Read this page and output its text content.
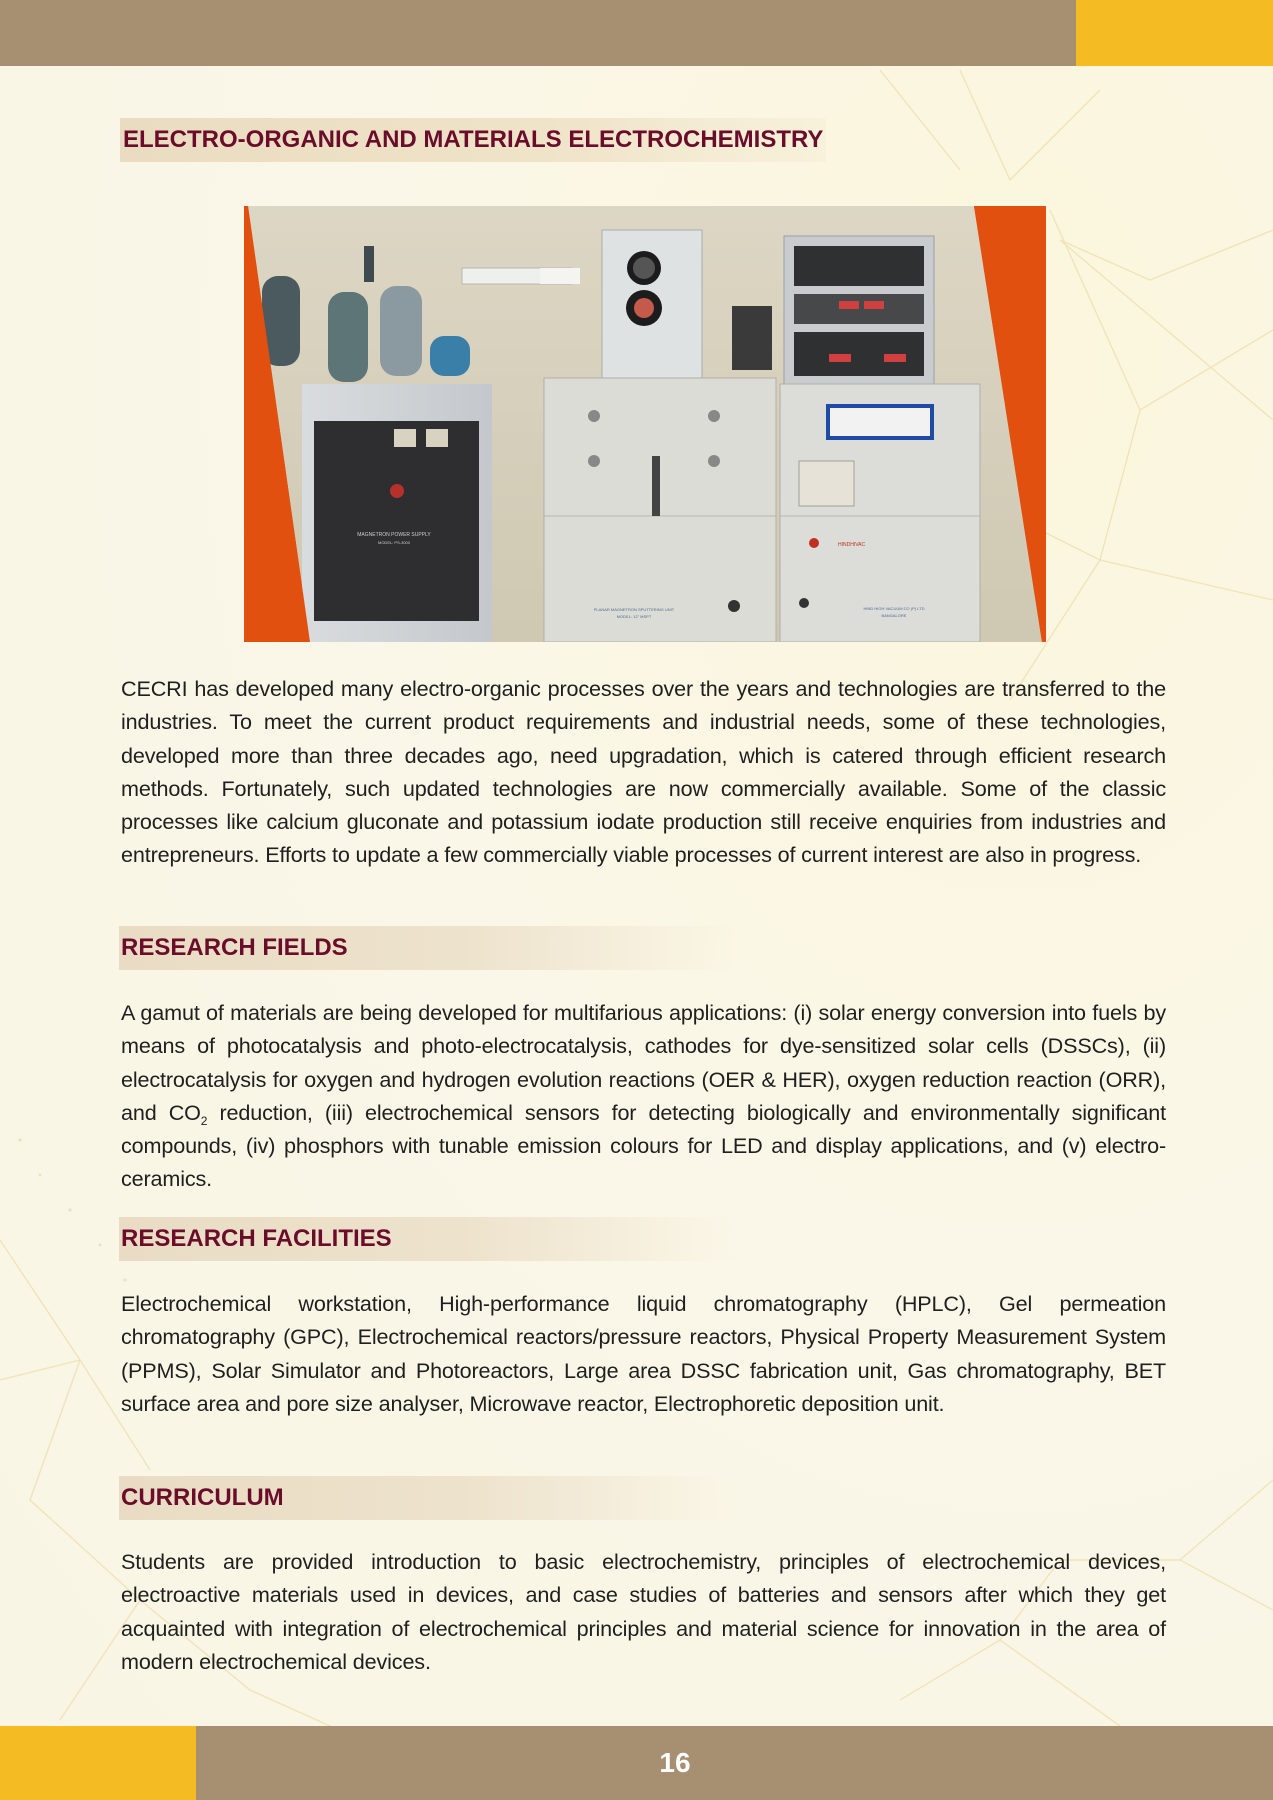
ELECTRO-ORGANIC AND MATERIALS ELECTROCHEMISTRY
MAGNETRON POWER SUPPLY
MODEL: PS-3000
PLANAR MAGNETRON SPUTTERING UNIT
MODEL: 12" MSPT
HINDHIVAC
HIND HIGH VACUUM CO (P) LTD
BANGALORE

CECRI has developed many electro-organic processes over the years and technologies are transferred to the industries. To meet the current product requirements and industrial needs, some of these technologies, developed more than three decades ago, need upgradation, which is catered through efficient research methods. Fortunately, such updated technologies are now commercially available. Some of the classic processes like calcium gluconate and potassium iodate production still receive enquiries from industries and entrepreneurs. Efforts to update a few commercially viable processes of current interest are also in progress.

RESEARCH FIELDS

A gamut of materials are being developed for multifarious applications: (i) solar energy conversion into fuels by means of photocatalysis and photo-electrocatalysis, cathodes for dye-sensitized solar cells (DSSCs), (ii) electrocatalysis for oxygen and hydrogen evolution reactions (OER & HER), oxygen reduction reaction (ORR), and $CO_2$ reduction, (iii) electrochemical sensors for detecting biologically and environmentally significant compounds, (iv) phosphors with tunable emission colours for LED and display applications, and (v) electro-ceramics.

RESEARCH FACILITIES

Electrochemical workstation, High-performance liquid chromatography (HPLC), Gel permeation chromatography (GPC), Electrochemical reactors/pressure reactors, Physical Property Measurement System (PPMS), Solar Simulator and Photoreactors, Large area DSSC fabrication unit, Gas chromatography, BET surface area and pore size analyser, Microwave reactor, Electrophoretic deposition unit.

CURRICULUM

Students are provided introduction to basic electrochemistry, principles of electrochemical devices, electroactive materials used in devices, and case studies of batteries and sensors after which they get acquainted with integration of electrochemical principles and material science for innovation in the area of modern electrochemical devices.

16
